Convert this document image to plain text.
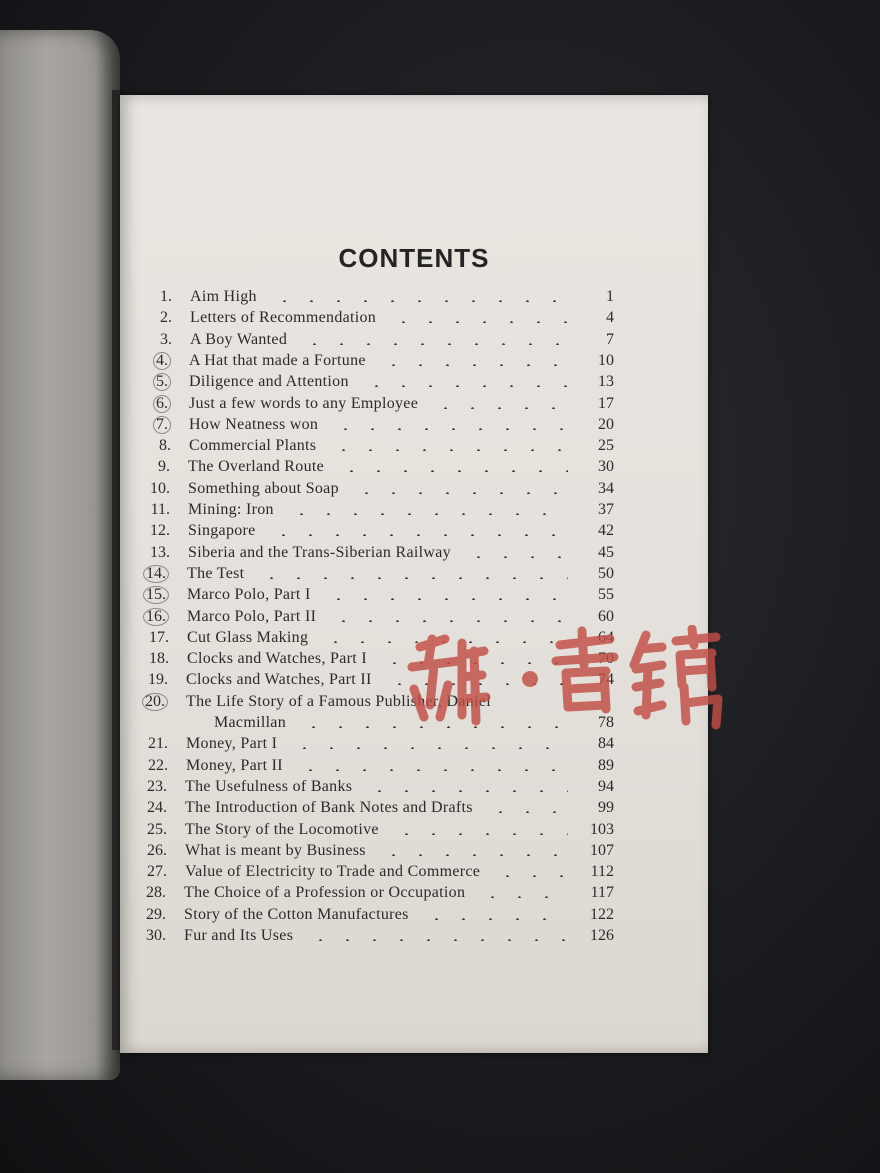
CONTENTS
1. Aim High	1
2. Letters of Recommendation	4
3. A Boy Wanted	7
4. A Hat that made a Fortune	10
5. Diligence and Attention	13
6. Just a few words to any Employee	17
7. How Neatness won	20
8. Commercial Plants	25
9. The Overland Route	30
10. Something about Soap	34
11. Mining: Iron	37
12. Singapore	42
13. Siberia and the Trans-Siberian Railway	45
14. The Test	50
15. Marco Polo, Part I	55
16. Marco Polo, Part II	60
17. Cut Glass Making	64
18. Clocks and Watches, Part I	70
19. Clocks and Watches, Part II	74
20. The Life Story of a Famous Publisher, Daniel
Macmillan	78
21. Money, Part I	84
22. Money, Part II	89
23. The Usefulness of Banks	94
24. The Introduction of Bank Notes and Drafts	99
25. The Story of the Locomotive	103
26. What is meant by Business	107
27. Value of Electricity to Trade and Commerce	112
28. The Choice of a Profession or Occupation	117
29. Story of the Cotton Manufactures	122
30. Fur and Its Uses	126
雜•書館
